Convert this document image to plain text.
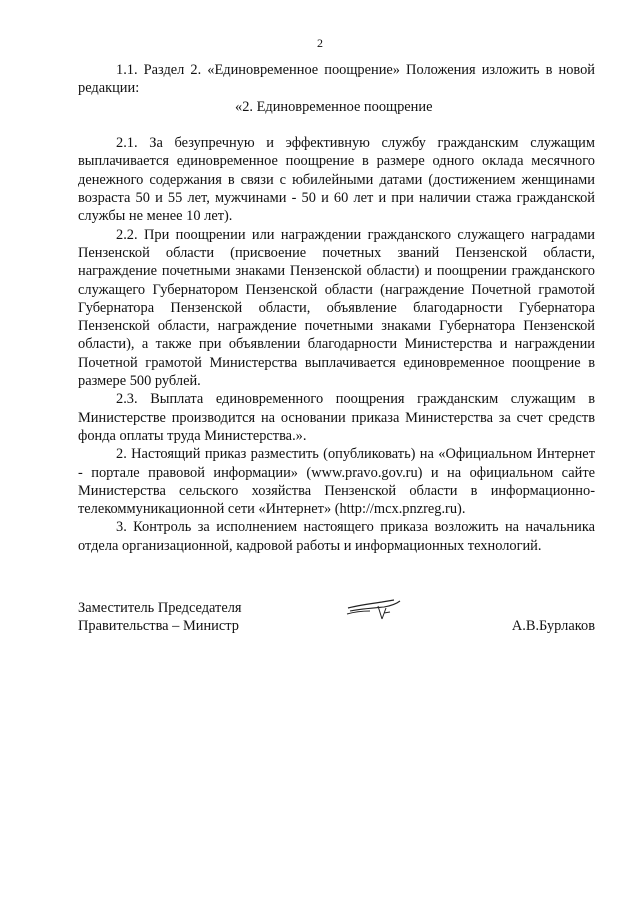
2

1.1. Раздел 2. «Единовременное поощрение» Положения изложить в новой редакции:

«2. Единовременное поощрение

2.1. За безупречную и эффективную службу гражданским служащим выплачивается единовременное поощрение в размере одного оклада месячного денежного содержания в связи с юбилейными датами (достижением женщинами возраста 50 и 55 лет, мужчинами - 50 и 60 лет и при наличии стажа гражданской службы не менее 10 лет).

2.2. При поощрении или награждении гражданского служащего наградами Пензенской области (присвоение почетных званий Пензенской области, награждение почетными знаками Пензенской области) и поощрении гражданского служащего Губернатором Пензенской области (награждение Почетной грамотой Губернатора Пензенской области, объявление благодарности Губернатора Пензенской области, награждение почетными знаками Губернатора Пензенской области), а также при объявлении благодарности Министерства и награждении Почетной грамотой Министерства выплачивается единовременное поощрение в размере 500 рублей.

2.3. Выплата единовременного поощрения гражданским служащим в Министерстве производится на основании приказа Министерства за счет средств фонда оплаты труда Министерства.».

2. Настоящий приказ разместить (опубликовать) на «Официальном Интернет - портале правовой информации» (www.pravo.gov.ru) и на официальном сайте Министерства сельского хозяйства Пензенской области в информационно-телекоммуникационной сети «Интернет» (http://mcx.pnzreg.ru).

3. Контроль за исполнением настоящего приказа возложить на начальника отдела организационной, кадровой работы и информационных технологий.

Заместитель Председателя
Правительства – Министр	А.В.Бурлаков
